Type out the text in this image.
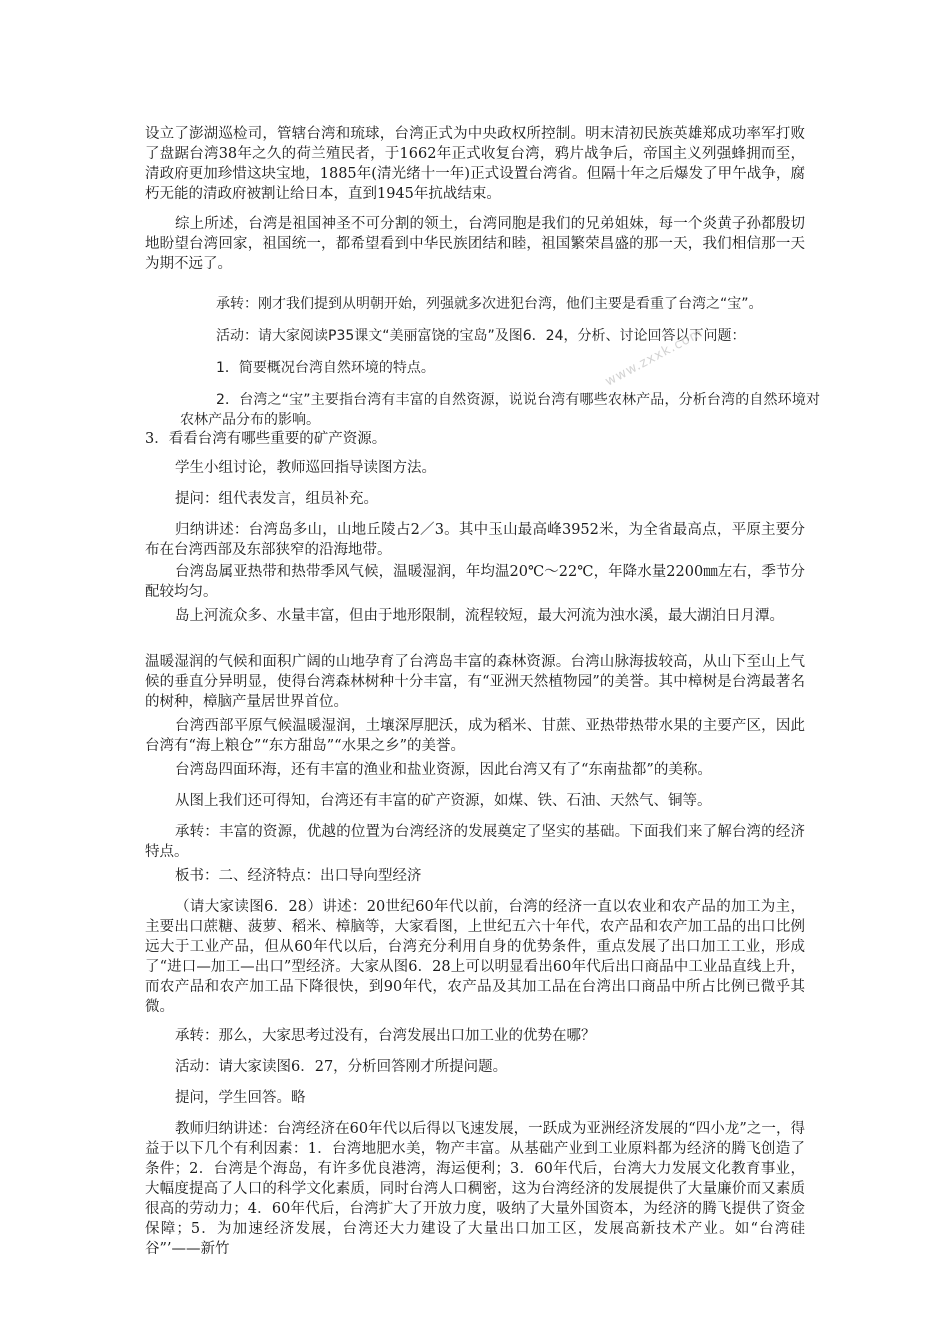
设立了澎湖巡检司，管辖台湾和琉球，台湾正式为中央政权所控制。明末清初民族英雄郑成功率军打败了盘踞台湾38年之久的荷兰殖民者，于1662年正式收复台湾，鸦片战争后，帝国主义列强蜂拥而至，清政府更加珍惜这块宝地，1885年(清光绪十一年)正式设置台湾省。但隔十年之后爆发了甲午战争，腐朽无能的清政府被割让给日本，直到1945年抗战结束。

综上所述，台湾是祖国神圣不可分割的领土，台湾同胞是我们的兄弟姐妹，每一个炎黄子孙都殷切地盼望台湾回家，祖国统一，都希望看到中华民族团结和睦，祖国繁荣昌盛的那一天，我们相信那一天为期不远了。

承转：刚才我们提到从明朝开始，列强就多次进犯台湾，他们主要是看重了台湾之“宝”。

活动：请大家阅读P35课文“美丽富饶的宝岛”及图6．24，分析、讨论回答以下问题：

1．简要概况台湾自然环境的特点。

2．台湾之“宝”主要指台湾有丰富的自然资源，说说台湾有哪些农林产品，分析台湾的自然环境对农林产品分布的影响。

www.zxxk.com

3．看看台湾有哪些重要的矿产资源。

学生小组讨论，教师巡回指导读图方法。

提问：组代表发言，组员补充。

归纳讲述：台湾岛多山，山地丘陵占2／3。其中玉山最高峰3952米，为全省最高点，平原主要分布在台湾西部及东部狭窄的沿海地带。

台湾岛属亚热带和热带季风气候，温暖湿润，年均温20℃～22℃，年降水量2200㎜左右，季节分配较均匀。

岛上河流众多、水量丰富，但由于地形限制，流程较短，最大河流为浊水溪，最大湖泊日月潭。

温暖湿润的气候和面积广阔的山地孕育了台湾岛丰富的森林资源。台湾山脉海拔较高，从山下至山上气候的垂直分异明显，使得台湾森林树种十分丰富，有“亚洲天然植物园”的美誉。其中樟树是台湾最著名的树种，樟脑产量居世界首位。

台湾西部平原气候温暖湿润，土壤深厚肥沃，成为稻米、甘蔗、亚热带热带水果的主要产区，因此台湾有“海上粮仓”“东方甜岛”“水果之乡”的美誉。

台湾岛四面环海，还有丰富的渔业和盐业资源，因此台湾又有了“东南盐都”的美称。

从图上我们还可得知，台湾还有丰富的矿产资源，如煤、铁、石油、天然气、铜等。

承转：丰富的资源，优越的位置为台湾经济的发展奠定了坚实的基础。下面我们来了解台湾的经济特点。

板书：二、经济特点：出口导向型经济

（请大家读图6．28）讲述：20世纪60年代以前，台湾的经济一直以农业和农产品的加工为主，主要出口蔗糖、菠萝、稻米、樟脑等，大家看图，上世纪五六十年代，农产品和农产加工品的出口比例远大于工业产品，但从60年代以后，台湾充分利用自身的优势条件，重点发展了出口加工工业，形成了“进口—加工—出口”型经济。大家从图6．28上可以明显看出60年代后出口商品中工业品直线上升，而农产品和农产加工品下降很快，到90年代，农产品及其加工品在台湾出口商品中所占比例已微乎其微。

承转：那么，大家思考过没有，台湾发展出口加工业的优势在哪？

活动：请大家读图6．27，分析回答刚才所提问题。

提问，学生回答。略

教师归纳讲述：台湾经济在60年代以后得以飞速发展，一跃成为亚洲经济发展的“四小龙”之一，得益于以下几个有利因素：1．台湾地肥水美，物产丰富。从基础产业到工业原料都为经济的腾飞创造了条件；2．台湾是个海岛，有许多优良港湾，海运便利；3．60年代后，台湾大力发展文化教育事业，大幅度提高了人口的科学文化素质，同时台湾人口稠密，这为台湾经济的发展提供了大量廉价而又素质很高的劳动力；4．60年代后，台湾扩大了开放力度，吸纳了大量外国资本，为经济的腾飞提供了资金保障；5．为加速经济发展，台湾还大力建设了大量出口加工区，发展高新技术产业。如“台湾硅谷”’——新竹
